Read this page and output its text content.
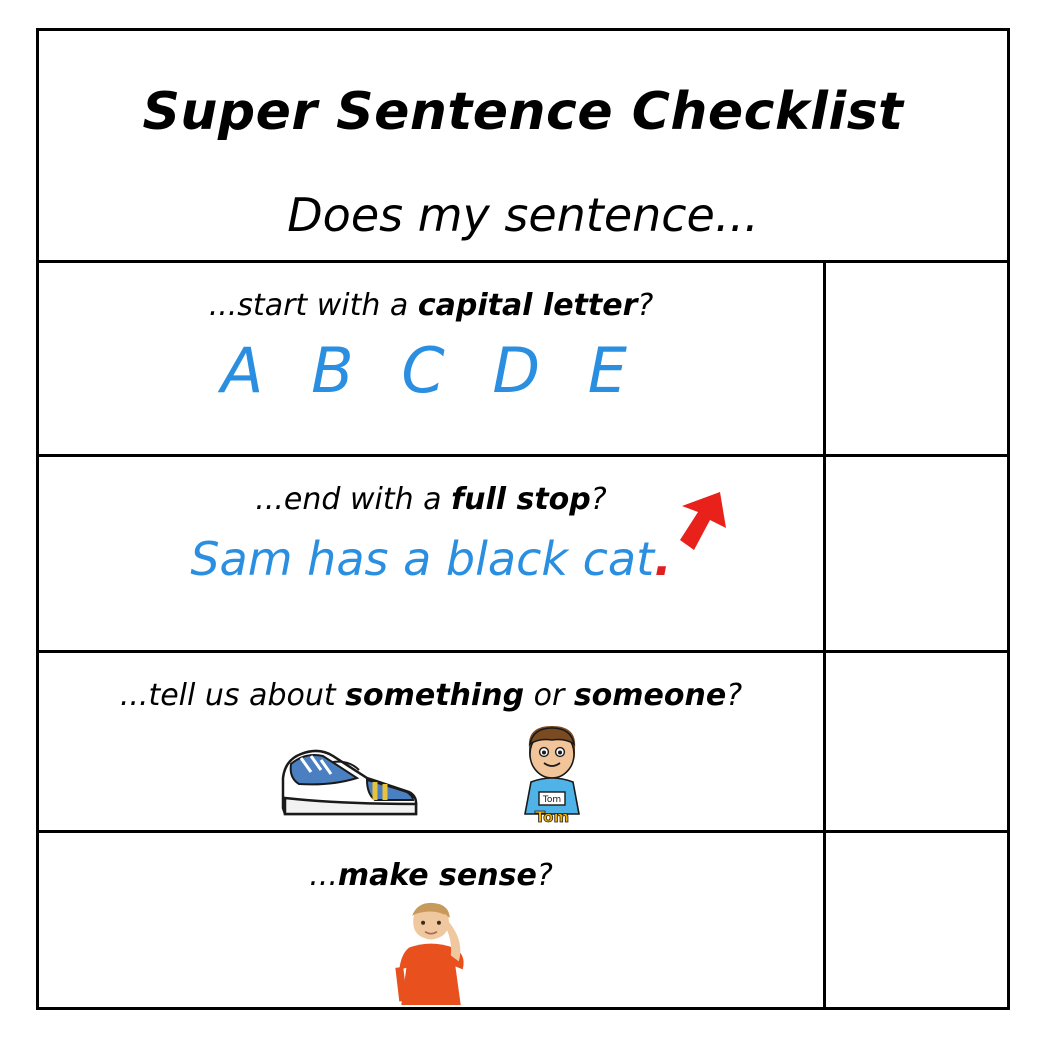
Super Sentence Checklist
Does my sentence...
...start with a capital letter?
A B C D E
...end with a full stop?
Sam has a black cat.
...tell us about something or someone?
Tom
Tom
...make sense?
